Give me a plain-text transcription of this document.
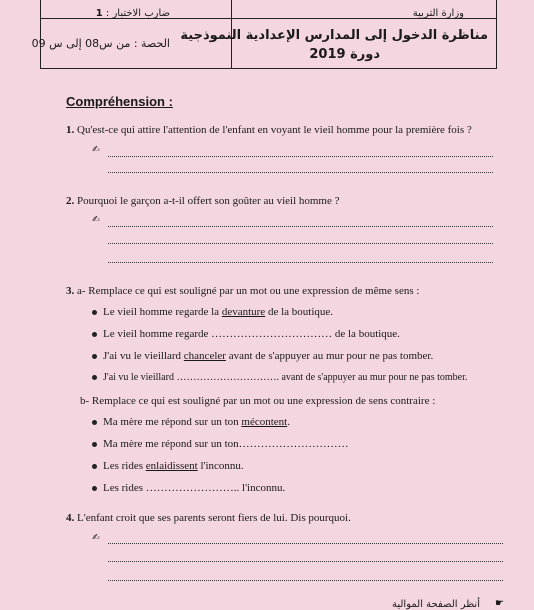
ضارب الاختبار : 1	وزارة التربية
الحصة : من س08 إلى س 09
مناظرة الدخول إلى المدارس الإعدادية النموذجية
دورة 2019
Compréhension :
1. Qu'est-ce qui attire l'attention de l'enfant en voyant le vieil homme pour la première fois ?
✍
2. Pourquoi le garçon a-t-il offert son goûter au vieil homme ?
✍
3. a- Remplace ce qui est souligné par un mot ou une expression de même sens :
Le vieil homme regarde la devanture de la boutique.
Le vieil homme regarde …………………………… de la boutique.
J'ai vu le vieillard chanceler avant de s'appuyer au mur pour ne pas tomber.
J'ai vu le vieillard …………………………. avant de s'appuyer au mur pour ne pas tomber.
b- Remplace ce qui est souligné par un mot ou une expression de sens contraire :
Ma mère me répond sur un ton mécontent.
Ma mère me répond sur un ton…………………………
Les rides enlaidissent l'inconnu.
Les rides …………………….. l'inconnu.
4. L'enfant croit que ses parents seront fiers de lui. Dis pourquoi.
✍
☛
أنظر الصفحة الموالية
